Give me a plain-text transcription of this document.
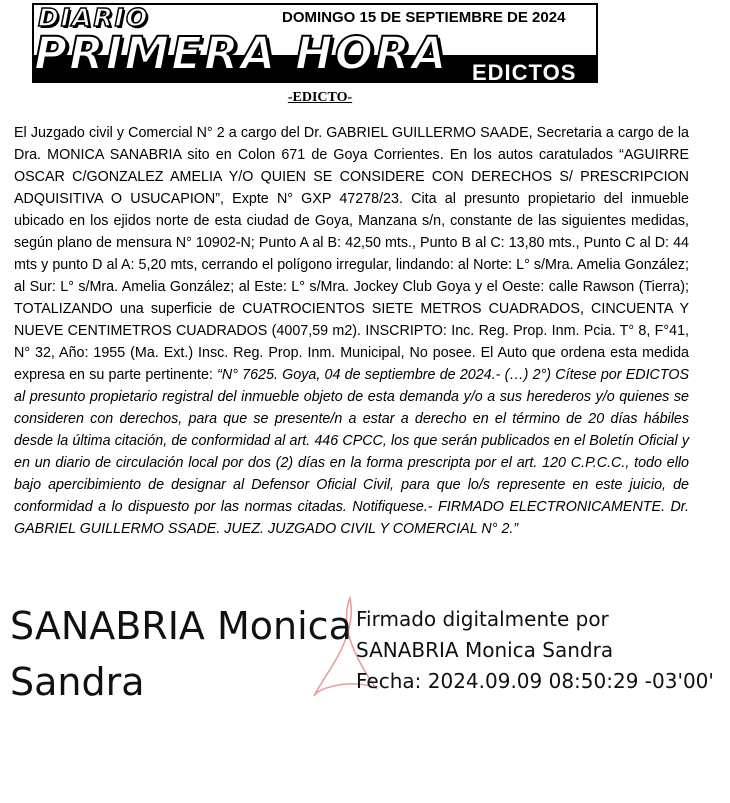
DIARIO
PRIMERA HORA
DOMINGO 15 DE SEPTIEMBRE DE 2024
EDICTOS
-EDICTO-

El Juzgado civil y Comercial N° 2 a cargo del Dr. GABRIEL GUILLERMO SAADE, Secretaria a cargo de la Dra. MONICA SANABRIA sito en Colon 671 de Goya Corrientes. En los autos caratulados “AGUIRRE OSCAR C/GONZALEZ AMELIA Y/O QUIEN SE CONSIDERE CON DERECHOS S/ PRESCRIPCION ADQUISITIVA O USUCAPION”, Expte N° GXP 47278/23. Cita al presunto propietario del inmueble ubicado en los ejidos norte de esta ciudad de Goya, Manzana s/n, constante de las siguientes medidas, según plano de mensura N° 10902-N; Punto A al B: 42,50 mts., Punto B al C: 13,80 mts., Punto C al D: 44 mts y punto D al A: 5,20 mts, cerrando el polígono irregular, lindando: al Norte: L° s/Mra. Amelia González; al Sur: L° s/Mra. Amelia González; al Este: L° s/Mra. Jockey Club Goya y el Oeste: calle Rawson (Tierra); TOTALIZANDO una superficie de CUATROCIENTOS SIETE METROS CUADRADOS, CINCUENTA Y NUEVE CENTIMETROS CUADRADOS (4007,59 m2). INSCRIPTO: Inc. Reg. Prop. Inm. Pcia. T° 8, F°41, N° 32, Año: 1955 (Ma. Ext.) Insc. Reg. Prop. Inm. Municipal, No posee. El Auto que ordena esta medida expresa en su parte pertinente: “N° 7625. Goya, 04 de septiembre de 2024.- (…) 2°) Cítese por EDICTOS al presunto propietario registral del inmueble objeto de esta demanda y/o a sus herederos y/o quienes se consideren con derechos, para que se presente/n a estar a derecho en el término de 20 días hábiles desde la última citación, de conformidad al art. 446 CPCC, los que serán publicados en el Boletín Oficial y en un diario de circulación local por dos (2) días en la forma prescripta por el art. 120 C.P.C.C., todo ello bajo apercibimiento de designar al Defensor Oficial Civil, para que lo/s represente en este juicio, de conformidad a lo dispuesto por las normas citadas. Notifiquese.- FIRMADO ELECTRONICAMENTE. Dr. GABRIEL GUILLERMO SSADE. JUEZ. JUZGADO CIVIL Y COMERCIAL N° 2.”

SANABRIA Monica
Sandra
Firmado digitalmente por
SANABRIA Monica Sandra
Fecha: 2024.09.09 08:50:29 -03'00'
